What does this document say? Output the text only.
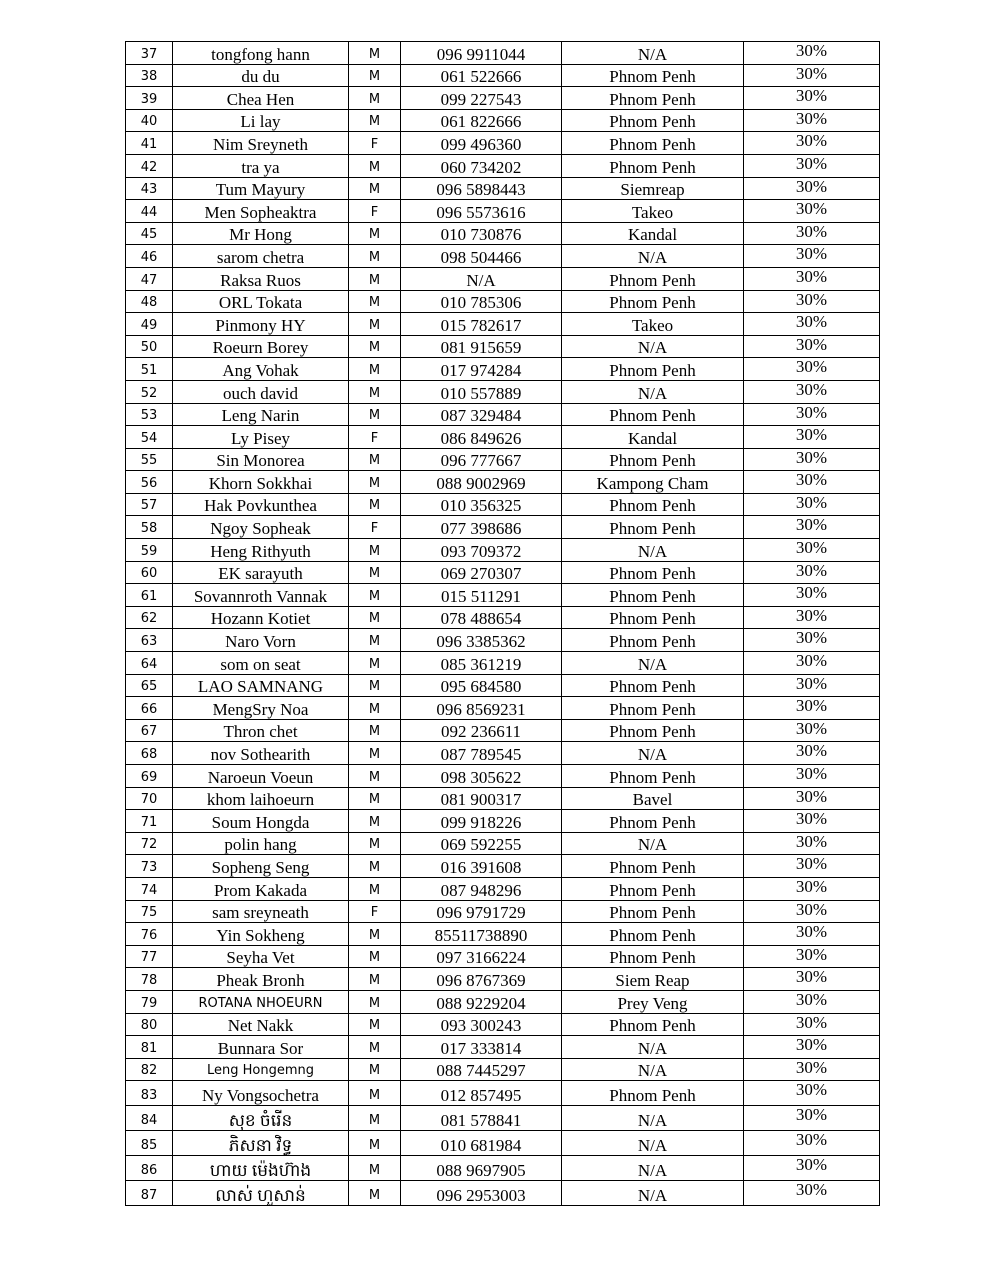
37	tongfong hann	M	096 9911044	N/A	30%
38	du du	M	061 522666	Phnom Penh	30%
39	Chea Hen	M	099 227543	Phnom Penh	30%
40	Li lay	M	061 822666	Phnom Penh	30%
41	Nim Sreyneth	F	099 496360	Phnom Penh	30%
42	tra ya	M	060 734202	Phnom Penh	30%
43	Tum Mayury	M	096 5898443	Siemreap	30%
44	Men Sopheaktra	F	096 5573616	Takeo	30%
45	Mr Hong	M	010 730876	Kandal	30%
46	sarom chetra	M	098 504466	N/A	30%
47	Raksa Ruos	M	N/A	Phnom Penh	30%
48	ORL Tokata	M	010 785306	Phnom Penh	30%
49	Pinmony HY	M	015 782617	Takeo	30%
50	Roeurn Borey	M	081 915659	N/A	30%
51	Ang Vohak	M	017 974284	Phnom Penh	30%
52	ouch david	M	010 557889	N/A	30%
53	Leng Narin	M	087 329484	Phnom Penh	30%
54	Ly Pisey	F	086 849626	Kandal	30%
55	Sin Monorea	M	096 777667	Phnom Penh	30%
56	Khorn Sokkhai	M	088 9002969	Kampong Cham	30%
57	Hak Povkunthea	M	010 356325	Phnom Penh	30%
58	Ngoy Sopheak	F	077 398686	Phnom Penh	30%
59	Heng Rithyuth	M	093 709372	N/A	30%
60	EK sarayuth	M	069 270307	Phnom Penh	30%
61	Sovannroth Vannak	M	015 511291	Phnom Penh	30%
62	Hozann Kotiet	M	078 488654	Phnom Penh	30%
63	Naro Vorn	M	096 3385362	Phnom Penh	30%
64	som on seat	M	085 361219	N/A	30%
65	LAO SAMNANG	M	095 684580	Phnom Penh	30%
66	MengSry Noa	M	096 8569231	Phnom Penh	30%
67	Thron chet	M	092 236611	Phnom Penh	30%
68	nov Sothearith	M	087 789545	N/A	30%
69	Naroeun Voeun	M	098 305622	Phnom Penh	30%
70	khom laihoeurn	M	081 900317	Bavel	30%
71	Soum Hongda	M	099 918226	Phnom Penh	30%
72	polin hang	M	069 592255	N/A	30%
73	Sopheng Seng	M	016 391608	Phnom Penh	30%
74	Prom Kakada	M	087 948296	Phnom Penh	30%
75	sam sreyneath	F	096 9791729	Phnom Penh	30%
76	Yin Sokheng	M	85511738890	Phnom Penh	30%
77	Seyha Vet	M	097 3166224	Phnom Penh	30%
78	Pheak Bronh	M	096 8767369	Siem Reap	30%
79	ROTANA NHOEURN	M	088 9229204	Prey Veng	30%
80	Net Nakk	M	093 300243	Phnom Penh	30%
81	Bunnara Sor	M	017 333814	N/A	30%
82	Leng Hongemng	M	088 7445297	N/A	30%
83	Ny Vongsochetra	M	012 857495	Phnom Penh	30%
84	សុខ ចំរើន	M	081 578841	N/A	30%
85	ភិសនា វិទ្ធ	M	010 681984	N/A	30%
86	ហាយ ម៉េងហ៊ាង	M	088 9697905	N/A	30%
87	លាស់ ហួសាន់	M	096 2953003	N/A	30%
